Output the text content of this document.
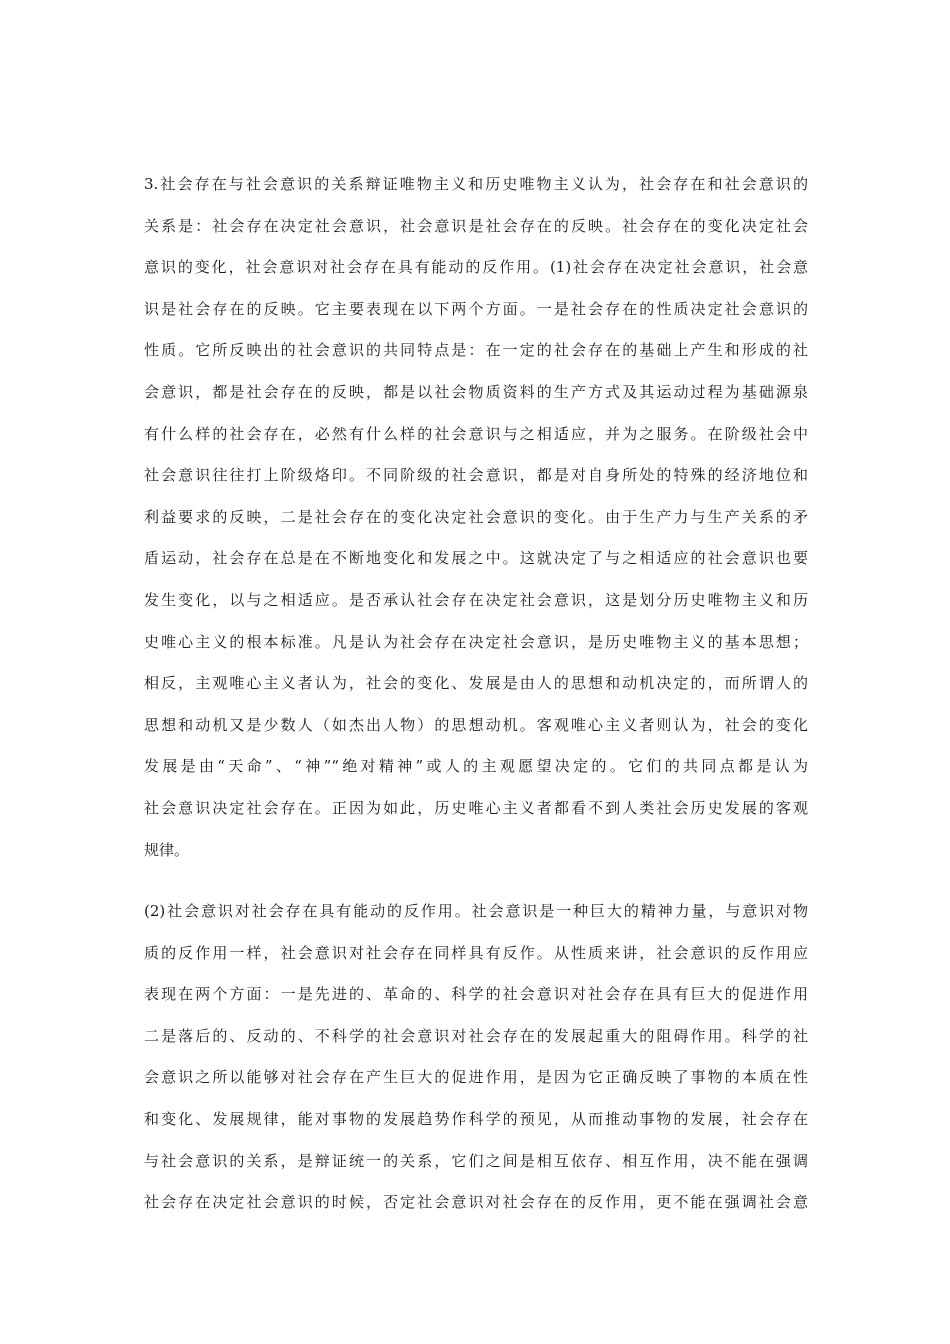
3.社会存在与社会意识的关系辩证唯物主义和历史唯物主义认为，社会存在和社会意识的
关系是：社会存在决定社会意识，社会意识是社会存在的反映。社会存在的变化决定社会
意识的变化，社会意识对社会存在具有能动的反作用。(1)社会存在决定社会意识，社会意
识是社会存在的反映。它主要表现在以下两个方面。一是社会存在的性质决定社会意识的
性质。它所反映出的社会意识的共同特点是：在一定的社会存在的基础上产生和形成的社
会意识，都是社会存在的反映，都是以社会物质资料的生产方式及其运动过程为基础源泉
有什么样的社会存在，必然有什么样的社会意识与之相适应，并为之服务。在阶级社会中
社会意识往往打上阶级烙印。不同阶级的社会意识，都是对自身所处的特殊的经济地位和
利益要求的反映，二是社会存在的变化决定社会意识的变化。由于生产力与生产关系的矛
盾运动，社会存在总是在不断地变化和发展之中。这就决定了与之相适应的社会意识也要
发生变化，以与之相适应。是否承认社会存在决定社会意识，这是划分历史唯物主义和历
史唯心主义的根本标准。凡是认为社会存在决定社会意识，是历史唯物主义的基本思想；
相反，主观唯心主义者认为，社会的变化、发展是由人的思想和动机决定的，而所谓人的
思想和动机又是少数人（如杰出人物）的思想动机。客观唯心主义者则认为，社会的变化
发展是由“天命”、“神”“绝对精神”或人的主观愿望决定的。它们的共同点都是认为
社会意识决定社会存在。正因为如此，历史唯心主义者都看不到人类社会历史发展的客观
规律。
(2)社会意识对社会存在具有能动的反作用。社会意识是一种巨大的精神力量，与意识对物
质的反作用一样，社会意识对社会存在同样具有反作。从性质来讲，社会意识的反作用应
表现在两个方面：一是先进的、革命的、科学的社会意识对社会存在具有巨大的促进作用
二是落后的、反动的、不科学的社会意识对社会存在的发展起重大的阻碍作用。科学的社
会意识之所以能够对社会存在产生巨大的促进作用，是因为它正确反映了事物的本质在性
和变化、发展规律，能对事物的发展趋势作科学的预见，从而推动事物的发展，社会存在
与社会意识的关系，是辩证统一的关系，它们之间是相互依存、相互作用，决不能在强调
社会存在决定社会意识的时候，否定社会意识对社会存在的反作用，更不能在强调社会意
